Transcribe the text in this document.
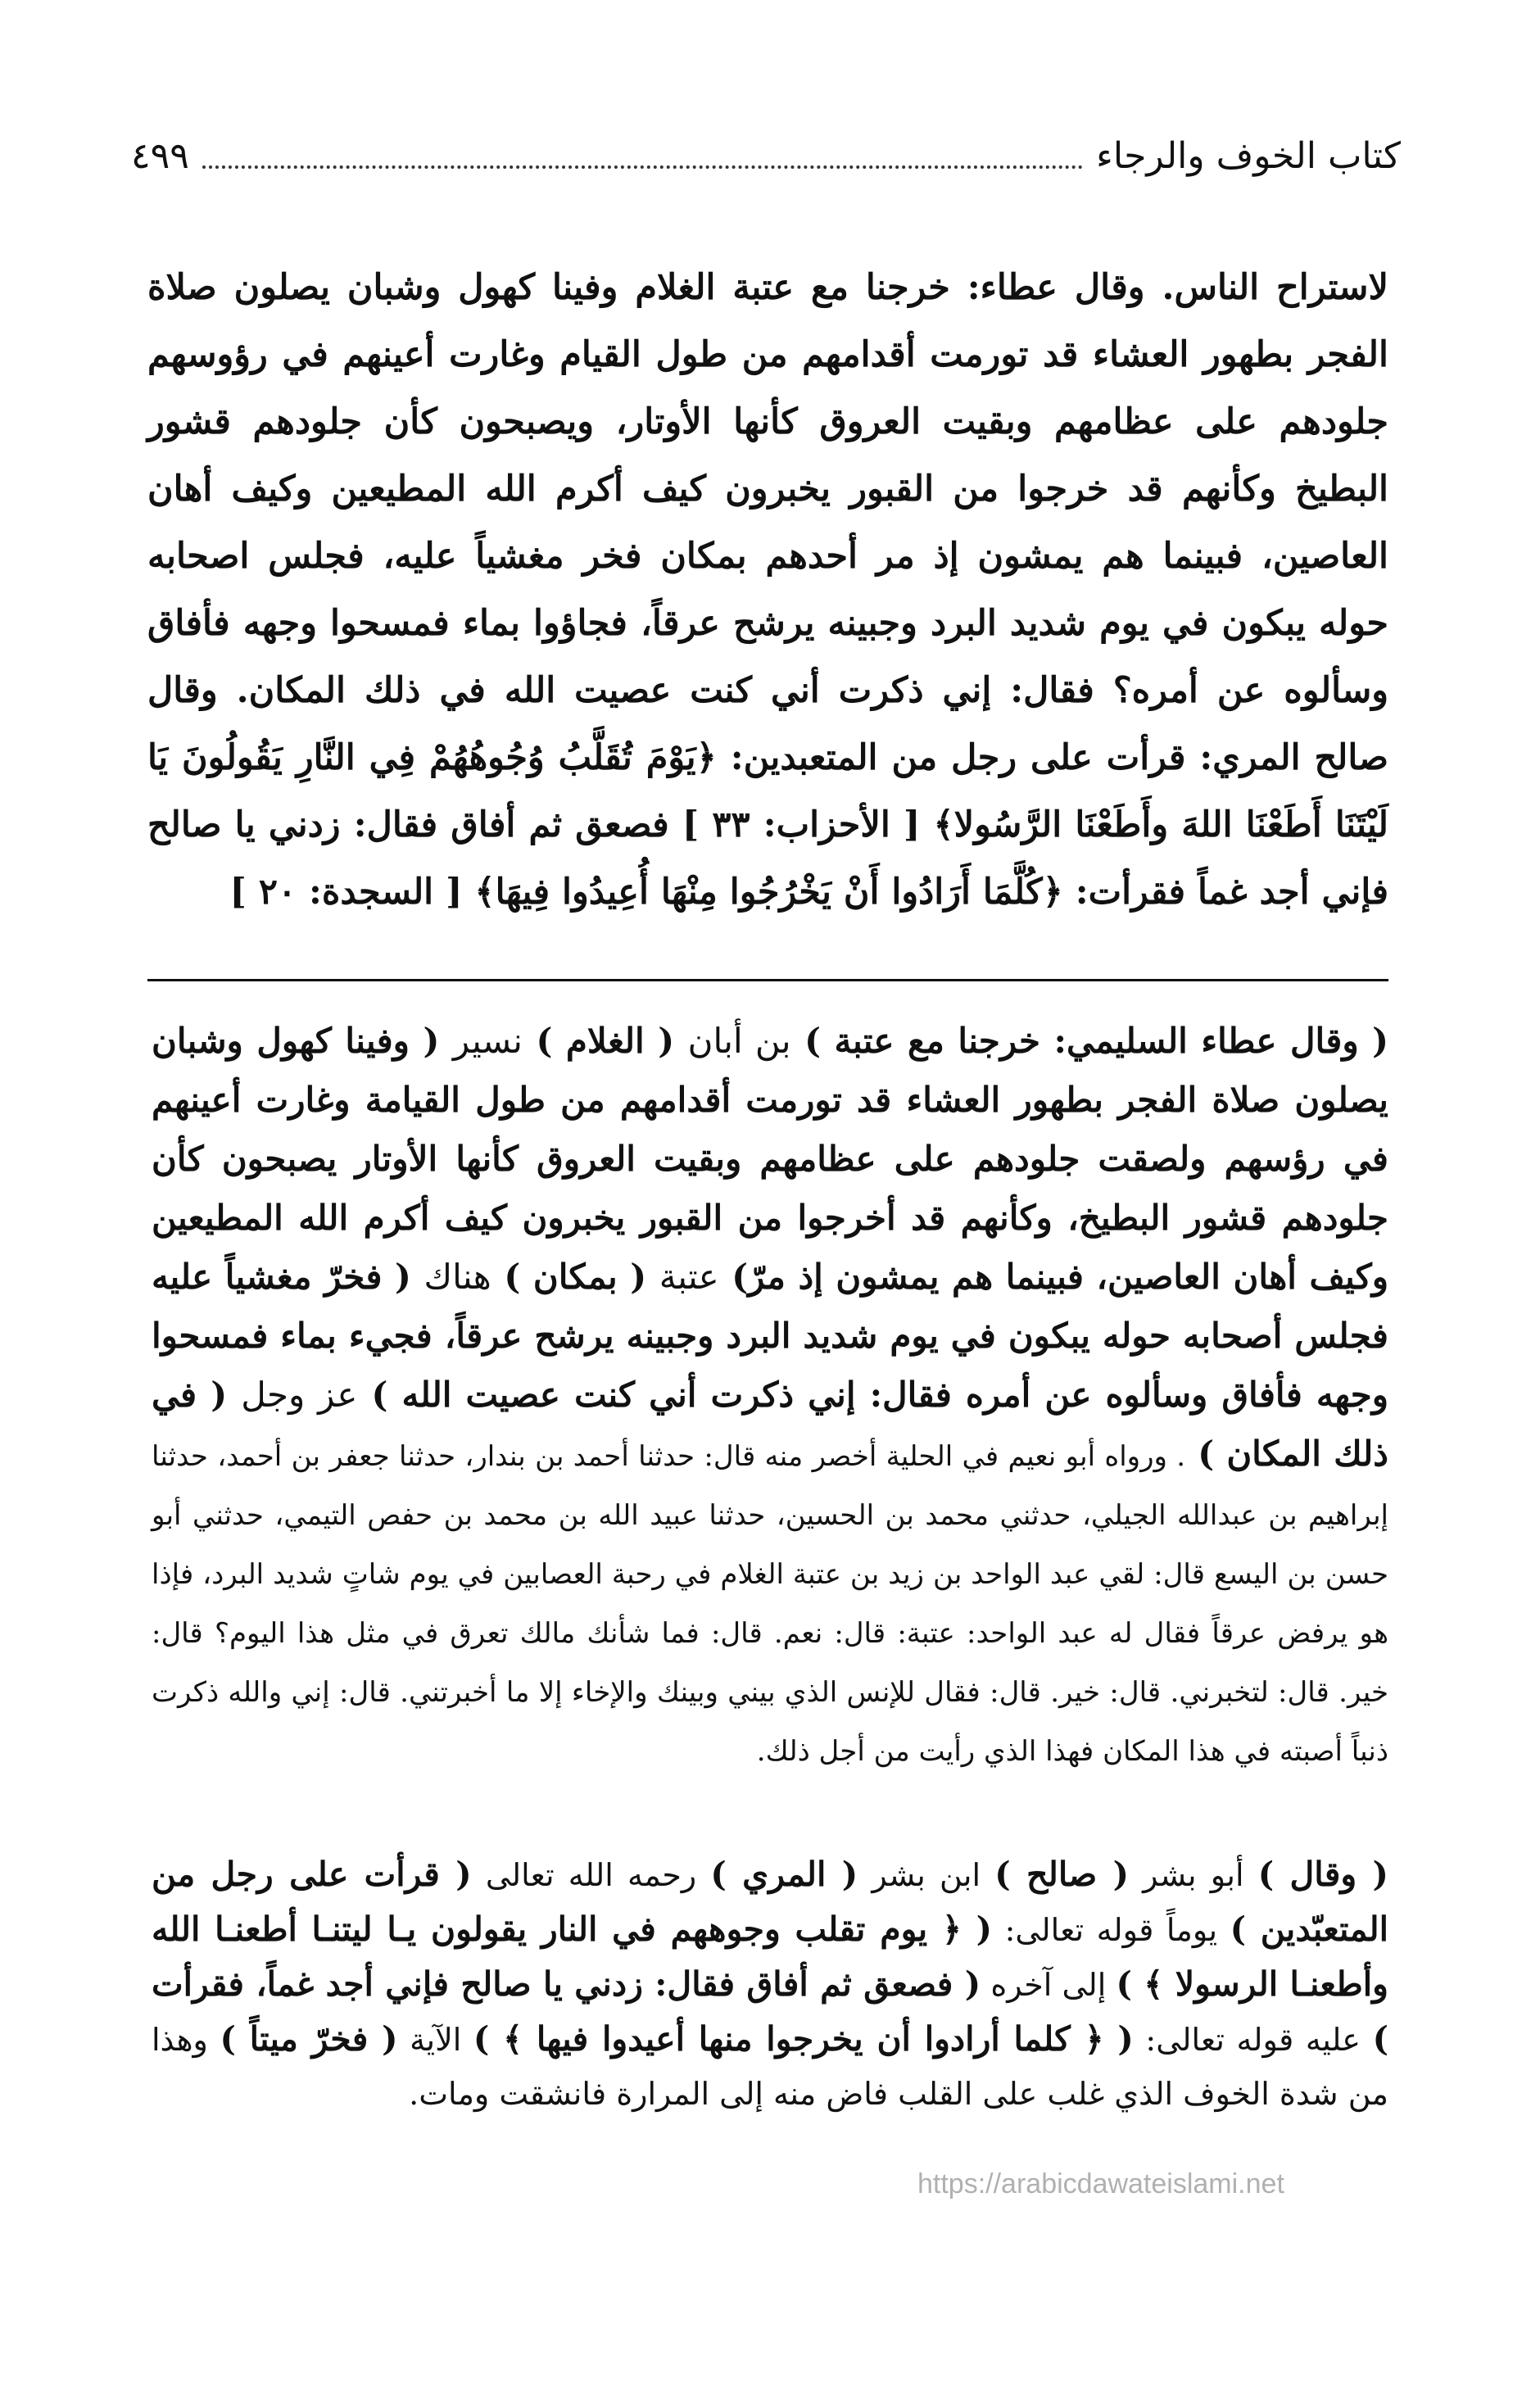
كتاب الخوف والرجاء
٤٩٩

لاستراح الناس. وقال عطاء: خرجنا مع عتبة الغلام وفينا كهول وشبان يصلون صلاة الفجر بطهور العشاء قد تورمت أقدامهم من طول القيام وغارت أعينهم في رؤوسهم جلودهم على عظامهم وبقيت العروق كأنها الأوتار، ويصبحون كأن جلودهم قشور البطيخ وكأنهم قد خرجوا من القبور يخبرون كيف أكرم الله المطيعين وكيف أهان العاصين، فبينما هم يمشون إذ مر أحدهم بمكان فخر مغشياً عليه، فجلس اصحابه حوله يبكون في يوم شديد البرد وجبينه يرشح عرقاً، فجاؤوا بماء فمسحوا وجهه فأفاق وسألوه عن أمره؟ فقال: إني ذكرت أني كنت عصيت الله في ذلك المكان. وقال صالح المري: قرأت على رجل من المتعبدين: ﴿يَوْمَ تُقَلَّبُ وُجُوهُهُمْ فِي النَّارِ يَقُولُونَ يَا لَيْتَنَا أَطَعْنَا اللهَ وأَطَعْنَا الرَّسُولا﴾ [ الأحزاب: ٣٣ ] فصعق ثم أفاق فقال: زدني يا صالح فإني أجد غماً فقرأت: ﴿كُلَّمَا أَرَادُوا أَنْ يَخْرُجُوا مِنْهَا أُعِيدُوا فِيهَا﴾ [ السجدة: ٢٠ ]

( وقال عطاء السليمي: خرجنا مع عتبة ) بن أبان ( الغلام ) نسير ( وفينا كهول وشبان يصلون صلاة الفجر بطهور العشاء قد تورمت أقدامهم من طول القيامة وغارت أعينهم في رؤسهم ولصقت جلودهم على عظامهم وبقيت العروق كأنها الأوتار يصبحون كأن جلودهم قشور البطيخ، وكأنهم قد أخرجوا من القبور يخبرون كيف أكرم الله المطيعين وكيف أهان العاصين، فبينما هم يمشون إذ مرّ) عتبة ( بمكان ) هناك ( فخرّ مغشياً عليه فجلس أصحابه حوله يبكون في يوم شديد البرد وجبينه يرشح عرقاً، فجيء بماء فمسحوا وجهه فأفاق وسألوه عن أمره فقال: إني ذكرت أني كنت عصيت الله ) عز وجل ( في ذلك المكان ) . ورواه أبو نعيم في الحلية أخصر منه قال: حدثنا أحمد بن بندار، حدثنا جعفر بن أحمد، حدثنا إبراهيم بن عبدالله الجيلي، حدثني محمد بن الحسين، حدثنا عبيد الله بن محمد بن حفص التيمي، حدثني أبو حسن بن اليسع قال: لقي عبد الواحد بن زيد بن عتبة الغلام في رحبة العصابين في يوم شاتٍ شديد البرد، فإذا هو يرفض عرقاً فقال له عبد الواحد: عتبة: قال: نعم. قال: فما شأنك مالك تعرق في مثل هذا اليوم؟ قال: خير. قال: لتخبرني. قال: خير. قال: فقال للإنس الذي بيني وبينك والإخاء إلا ما أخبرتني. قال: إني والله ذكرت ذنباً أصبته في هذا المكان فهذا الذي رأيت من أجل ذلك.
( وقال ) أبو بشر ( صالح ) ابن بشر ( المري ) رحمه الله تعالى ( قرأت على رجل من المتعبّدين ) يوماً قوله تعالى: ( ﴿ يوم تقلب وجوههم في النار يقولون يـا ليتنـا أطعنـا الله وأطعنـا الرسولا ﴾ ) إلى آخره ( فصعق ثم أفاق فقال: زدني يا صالح فإني أجد غماً، فقرأت ) عليه قوله تعالى: ( ﴿ كلما أرادوا أن يخرجوا منها أعيدوا فيها ﴾ ) الآية ( فخرّ ميتاً ) وهذا من شدة الخوف الذي غلب على القلب فاض منه إلى المرارة فانشقت ومات.
https://arabicdawateislami.net
